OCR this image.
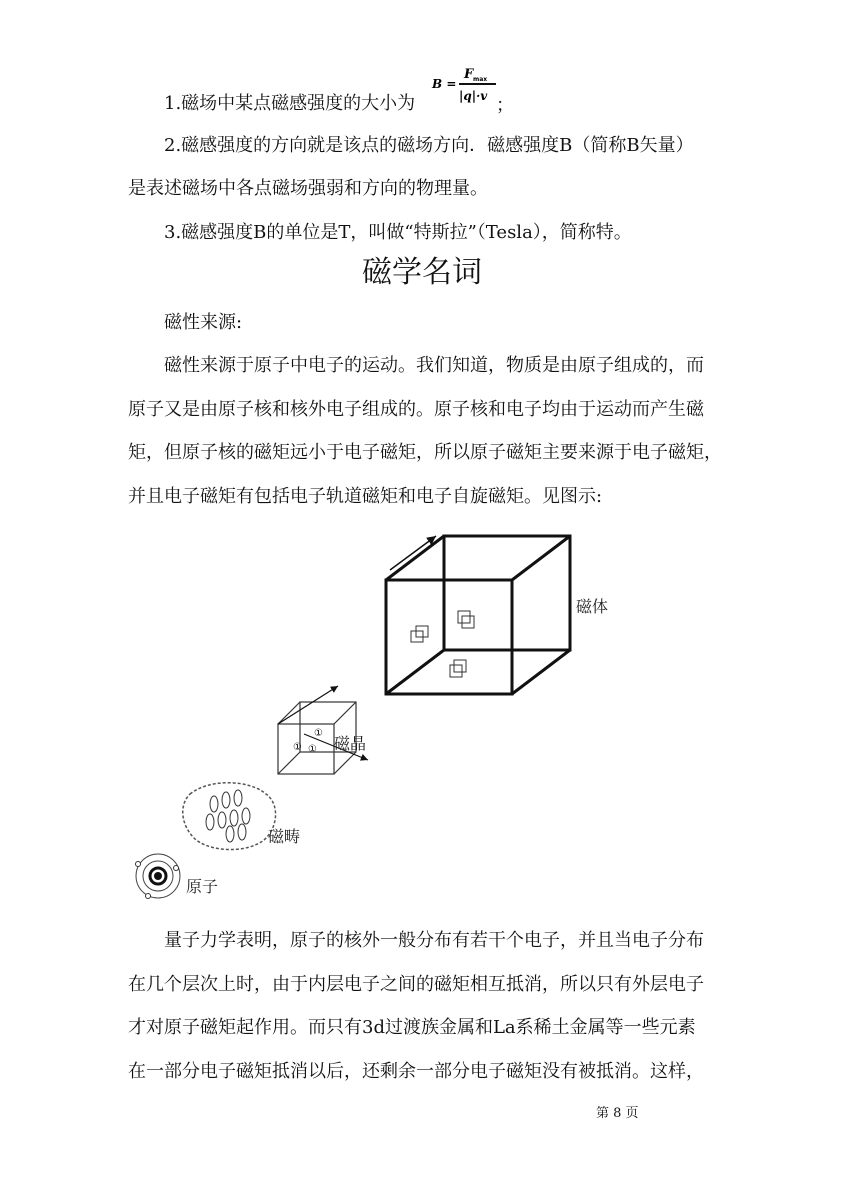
1.磁场中某点磁感强度的大小为
B =
F max
|q|·v ；
2.磁感强度的方向就是该点的磁场方向．磁感强度B（简称B矢量）
是表述磁场中各点磁场强弱和方向的物理量。
3.磁感强度B的单位是T，叫做“特斯拉”（Tesla），简称特。
磁学名词
磁性来源:
磁性来源于原子中电子的运动。我们知道，物质是由原子组成的，而
原子又是由原子核和核外电子组成的。原子核和电子均由于运动而产生磁
矩，但原子核的磁矩远小于电子磁矩，所以原子磁矩主要来源于电子磁矩，
并且电子磁矩有包括电子轨道磁矩和电子自旋磁矩。见图示:
磁体
①
① ① 磁晶
磁畴
原子
量子力学表明，原子的核外一般分布有若干个电子，并且当电子分布
在几个层次上时，由于内层电子之间的磁矩相互抵消，所以只有外层电子
才对原子磁矩起作用。而只有3d过渡族金属和La系稀土金属等一些元素
在一部分电子磁矩抵消以后，还剩余一部分电子磁矩没有被抵消。这样，
第 8 页
